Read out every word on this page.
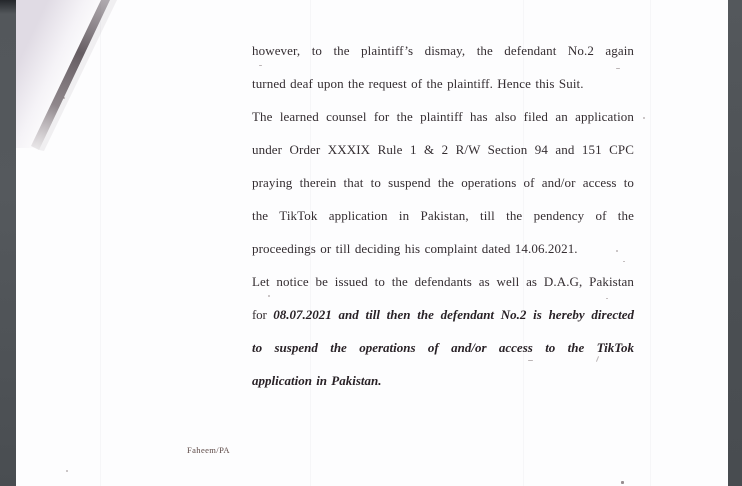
however, to the plaintiff’s dismay, the defendant No.2 again
turned deaf upon the request of the plaintiff. Hence this Suit.
The learned counsel for the plaintiff has also filed an application
under Order XXXIX Rule 1 & 2 R/W Section 94 and 151 CPC
praying therein that to suspend the operations of and/or access to
the TikTok application in Pakistan, till the pendency of the
proceedings or till deciding his complaint dated 14.06.2021.
Let notice be issued to the defendants as well as D.A.G, Pakistan
for 08.07.2021 and till then the defendant No.2 is hereby directed
to suspend the operations of and/or access to the TikTok
application in Pakistan.
Faheem/PA
